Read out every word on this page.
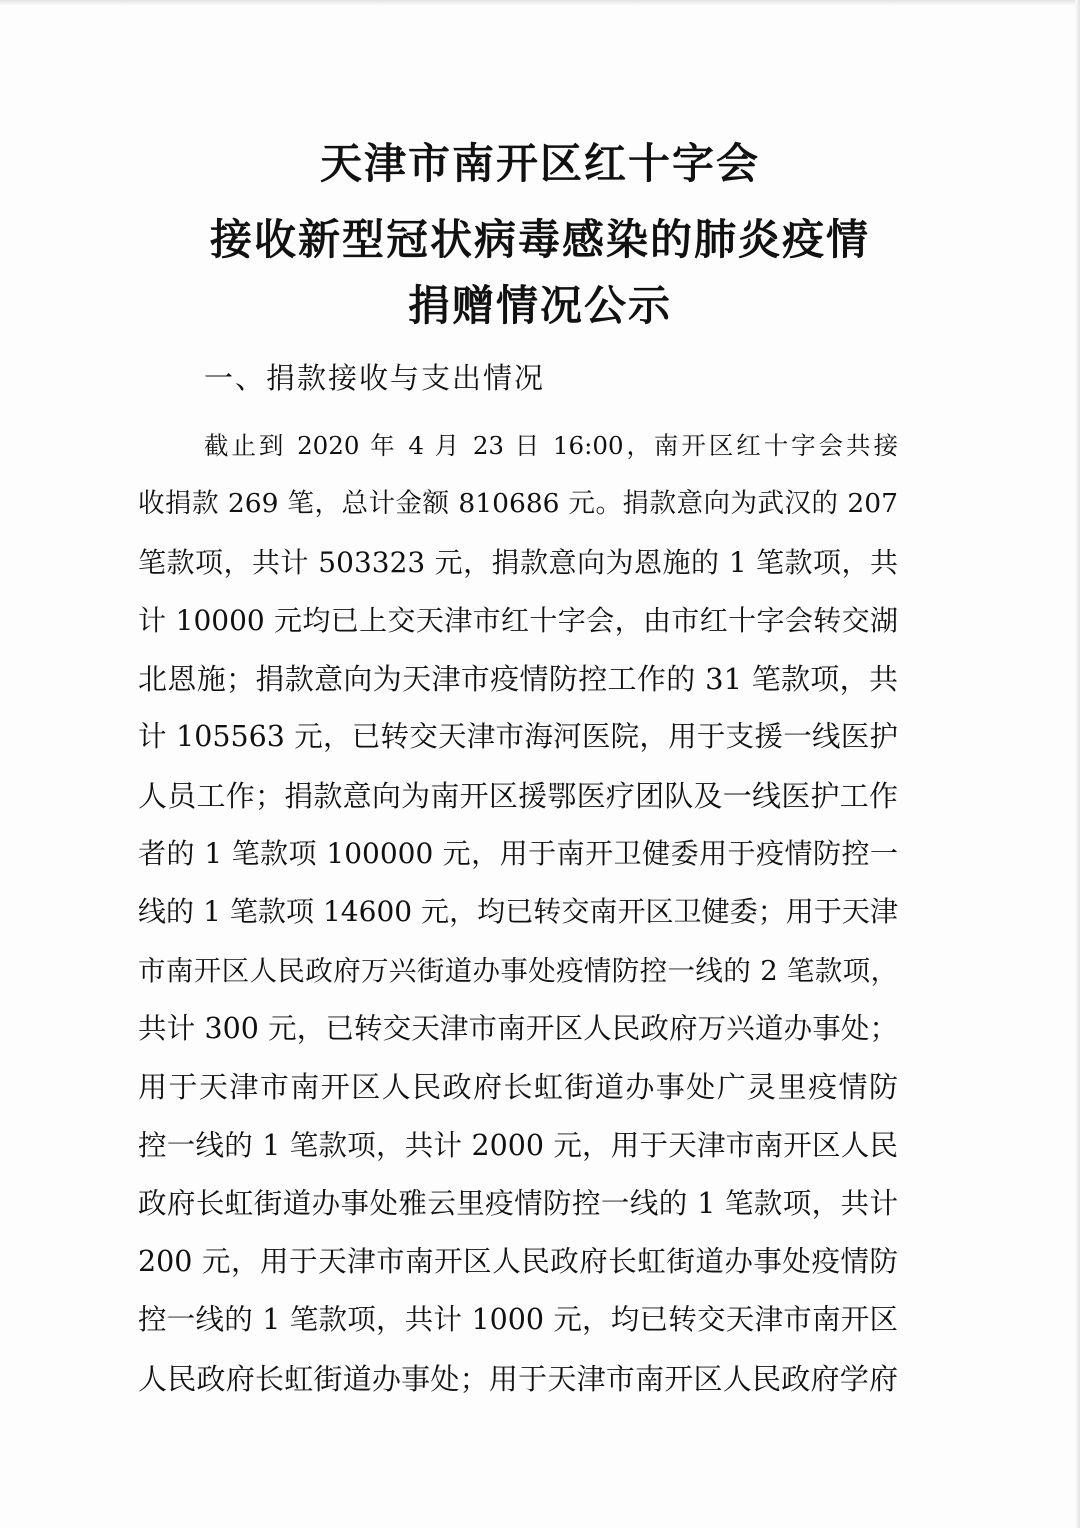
天津市南开区红十字会
接收新型冠状病毒感染的肺炎疫情
捐赠情况公示
一、捐款接收与支出情况
截止到 2020 年 4 月 23 日 16:00，南开区红十字会共接
收捐款 269 笔，总计金额 810686 元。捐款意向为武汉的 207
笔款项，共计 503323 元，捐款意向为恩施的 1 笔款项，共
计 10000 元均已上交天津市红十字会，由市红十字会转交湖
北恩施；捐款意向为天津市疫情防控工作的 31 笔款项，共
计 105563 元，已转交天津市海河医院，用于支援一线医护
人员工作；捐款意向为南开区援鄂医疗团队及一线医护工作
者的 1 笔款项 100000 元，用于南开卫健委用于疫情防控一
线的 1 笔款项 14600 元，均已转交南开区卫健委；用于天津
市南开区人民政府万兴街道办事处疫情防控一线的 2 笔款项，
共计 300 元，已转交天津市南开区人民政府万兴道办事处；
用于天津市南开区人民政府长虹街道办事处广灵里疫情防
控一线的 1 笔款项，共计 2000 元，用于天津市南开区人民
政府长虹街道办事处雅云里疫情防控一线的 1 笔款项，共计
200 元，用于天津市南开区人民政府长虹街道办事处疫情防
控一线的 1 笔款项，共计 1000 元，均已转交天津市南开区
人民政府长虹街道办事处；用于天津市南开区人民政府学府
